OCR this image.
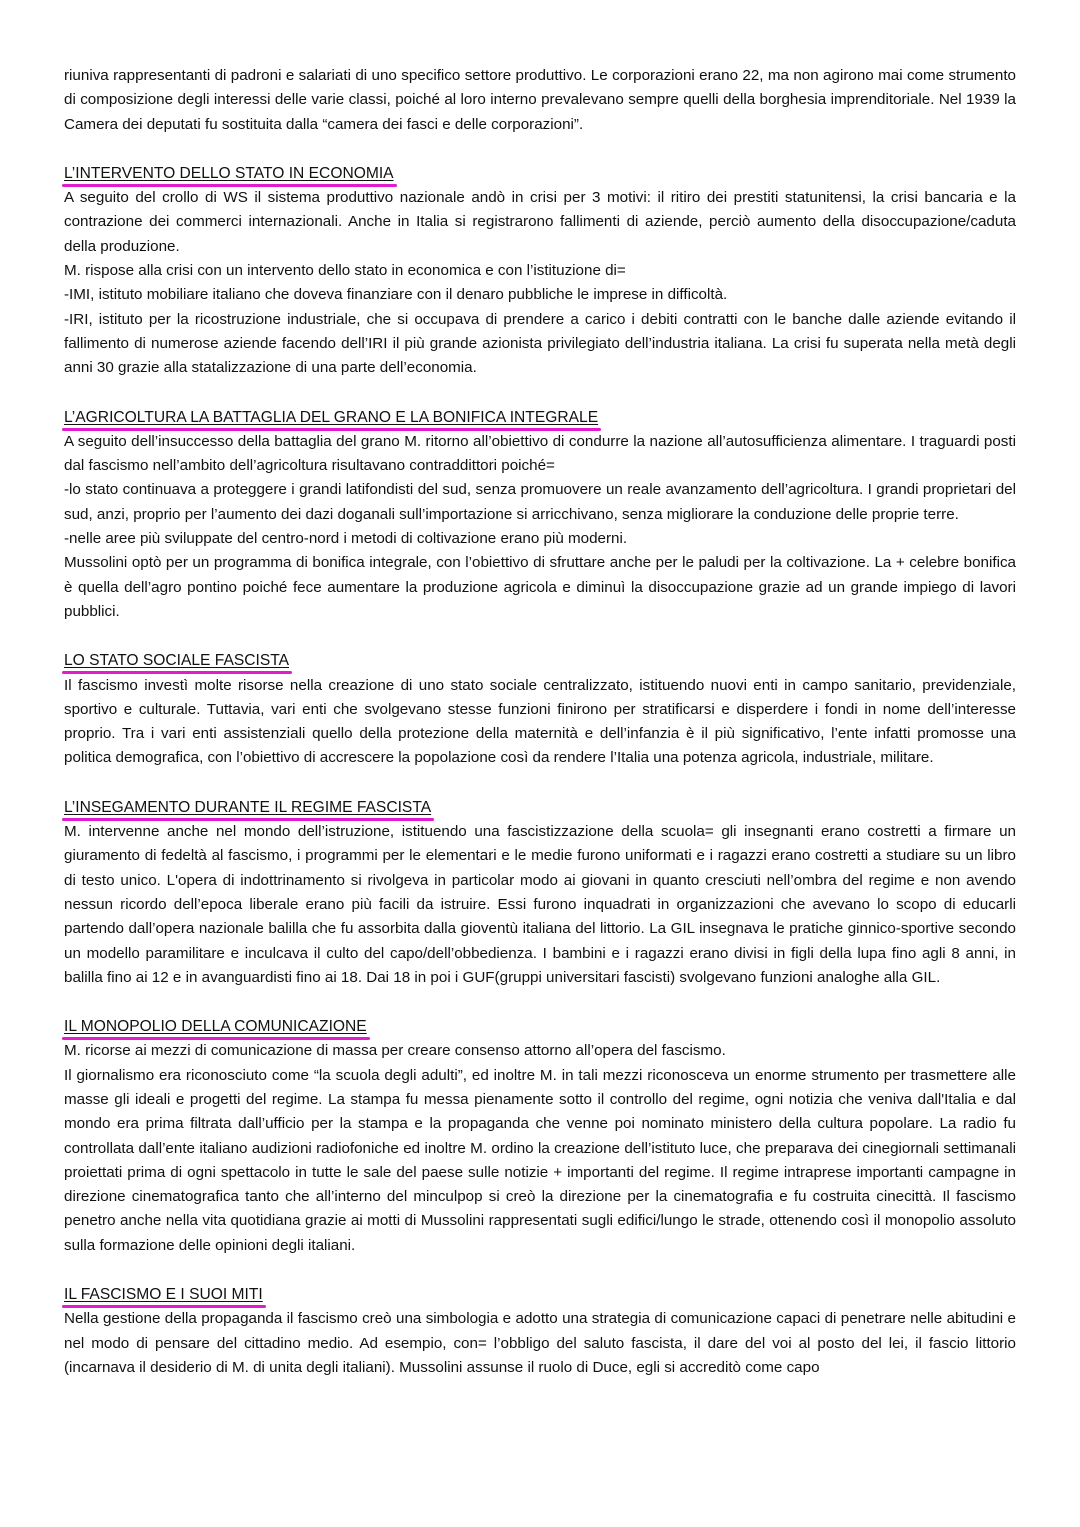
riuniva rappresentanti di padroni e salariati di uno specifico settore produttivo. Le corporazioni erano 22, ma non agirono mai come strumento di composizione degli interessi delle varie classi, poiché al loro interno prevalevano sempre quelli della borghesia imprenditoriale. Nel 1939 la Camera dei deputati fu sostituita dalla “camera dei fasci e delle corporazioni”.

L’INTERVENTO DELLO STATO IN ECONOMIA

A seguito del crollo di WS il sistema produttivo nazionale andò in crisi per 3 motivi: il ritiro dei prestiti statunitensi, la crisi bancaria e la contrazione dei commerci internazionali. Anche in Italia si registrarono fallimenti di aziende, perciò aumento della disoccupazione/caduta della produzione.
M. rispose alla crisi con un intervento dello stato in economica e con l’istituzione di=
-IMI, istituto mobiliare italiano che doveva finanziare con il denaro pubbliche le imprese in difficoltà.
-IRI, istituto per la ricostruzione industriale, che si occupava di prendere a carico i debiti contratti con le banche dalle aziende evitando il fallimento di numerose aziende facendo dell’IRI il più grande azionista privilegiato dell’industria italiana. La crisi fu superata nella metà degli anni 30 grazie alla statalizzazione di una parte dell’economia.

L’AGRICOLTURA LA BATTAGLIA DEL GRANO E LA BONIFICA INTEGRALE

A seguito dell’insuccesso della battaglia del grano M. ritorno all’obiettivo di condurre la nazione all’autosufficienza alimentare. I traguardi posti dal fascismo nell’ambito dell’agricoltura risultavano contraddittori poiché=
-lo stato continuava a proteggere i grandi latifondisti del sud, senza promuovere un reale avanzamento dell’agricoltura. I grandi proprietari del sud, anzi, proprio per l’aumento dei dazi doganali sull’importazione si arricchivano, senza migliorare la conduzione delle proprie terre.
-nelle aree più sviluppate del centro-nord i metodi di coltivazione erano più moderni.
Mussolini optò per un programma di bonifica integrale, con l’obiettivo di sfruttare anche per le paludi per la coltivazione. La + celebre bonifica è quella dell’agro pontino poiché fece aumentare la produzione agricola e diminuì la disoccupazione grazie ad un grande impiego di lavori pubblici.

LO STATO SOCIALE FASCISTA

Il fascismo investì molte risorse nella creazione di uno stato sociale centralizzato, istituendo nuovi enti in campo sanitario, previdenziale, sportivo e culturale. Tuttavia, vari enti che svolgevano stesse funzioni finirono per stratificarsi e disperdere i fondi in nome dell’interesse proprio. Tra i vari enti assistenziali quello della protezione della maternità e dell’infanzia è il più significativo, l’ente infatti promosse una politica demografica, con l’obiettivo di accrescere la popolazione così da rendere l’Italia una potenza agricola, industriale, militare.

L’INSEGAMENTO DURANTE IL REGIME FASCISTA

M. intervenne anche nel mondo dell’istruzione, istituendo una fascistizzazione della scuola= gli insegnanti erano costretti a firmare un giuramento di fedeltà al fascismo, i programmi per le elementari e le medie furono uniformati e i ragazzi erano costretti a studiare su un libro di testo unico. L'opera di indottrinamento si rivolgeva in particolar modo ai giovani in quanto cresciuti nell’ombra del regime e non avendo nessun ricordo dell’epoca liberale erano più facili da istruire. Essi furono inquadrati in organizzazioni che avevano lo scopo di educarli partendo dall’opera nazionale balilla che fu assorbita dalla gioventù italiana del littorio. La GIL insegnava le pratiche ginnico-sportive secondo un modello paramilitare e inculcava il culto del capo/dell’obbedienza. I bambini e i ragazzi erano divisi in figli della lupa fino agli 8 anni, in balilla fino ai 12 e in avanguardisti fino ai 18. Dai 18 in poi i GUF(gruppi universitari fascisti) svolgevano funzioni analoghe alla GIL.

IL MONOPOLIO DELLA COMUNICAZIONE

M. ricorse ai mezzi di comunicazione di massa per creare consenso attorno all’opera del fascismo.
Il giornalismo era riconosciuto come “la scuola degli adulti”, ed inoltre M. in tali mezzi riconosceva un enorme strumento per trasmettere alle masse gli ideali e progetti del regime. La stampa fu messa pienamente sotto il controllo del regime, ogni notizia che veniva dall'Italia e dal mondo era prima filtrata dall’ufficio per la stampa e la propaganda che venne poi nominato ministero della cultura popolare. La radio fu controllata dall’ente italiano audizioni radiofoniche ed inoltre M. ordino la creazione dell’istituto luce, che preparava dei cinegiornali settimanali proiettati prima di ogni spettacolo in tutte le sale del paese sulle notizie + importanti del regime. Il regime intraprese importanti campagne in direzione cinematografica tanto che all’interno del minculpop si creò la direzione per la cinematografia e fu costruita cinecittà. Il fascismo penetro anche nella vita quotidiana grazie ai motti di Mussolini rappresentati sugli edifici/lungo le strade, ottenendo così il monopolio assoluto sulla formazione delle opinioni degli italiani.

IL FASCISMO E I SUOI MITI

Nella gestione della propaganda il fascismo creò una simbologia e adotto una strategia di comunicazione capaci di penetrare nelle abitudini e nel modo di pensare del cittadino medio. Ad esempio, con= l’obbligo del saluto fascista, il dare del voi al posto del lei, il fascio littorio (incarnava il desiderio di M. di unita degli italiani). Mussolini assunse il ruolo di Duce, egli si accreditò come capo
